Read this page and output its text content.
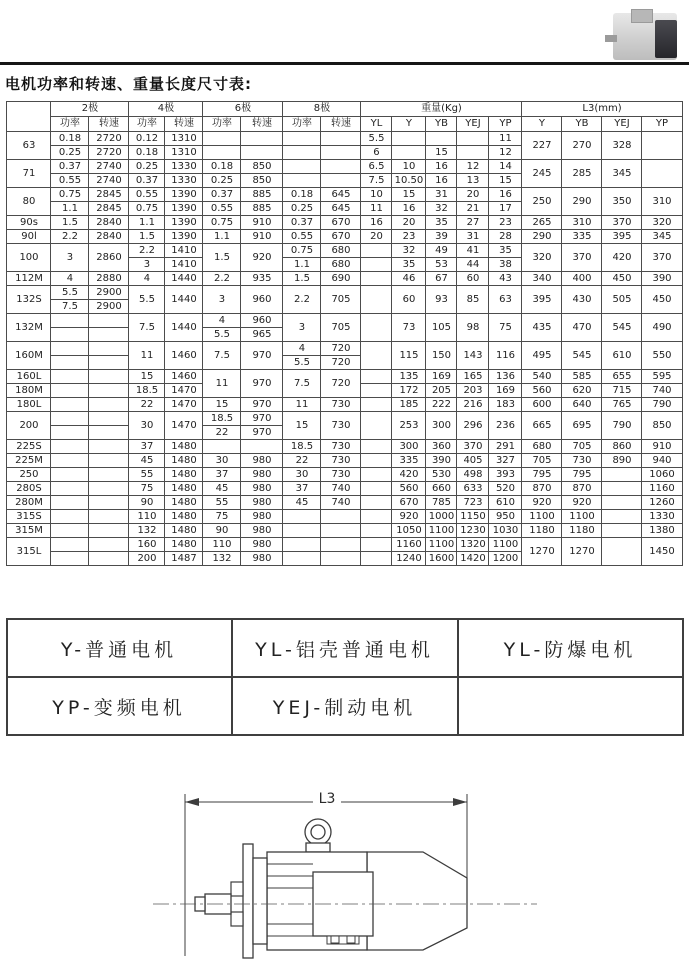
电机功率和转速、重量长度尺寸表:
	2极		4极		6极		8极		重量(Kg)					L3(mm)			
	功率	转速	功率	转速	功率	转速	功率	转速	YL	Y	YB	YEJ	YP	Y	YB	YEJ	YP
63	0.18	2720	0.12	1310					5.5				11	227	270	328	
	0.25	2720	0.18	1310					6		15		12				
71	0.37	2740	0.25	1330	0.18	850			6.5	10	16	12	14	245	285	345	
	0.55	2740	0.37	1330	0.25	850			7.5	10.50	16	13	15				
80	0.75	2845	0.55	1390	0.37	885	0.18	645	10	15	31	20	16	250	290	350	310
	1.1	2845	0.75	1390	0.55	885	0.25	645	11	16	32	21	17				
90s	1.5	2840	1.1	1390	0.75	910	0.37	670	16	20	35	27	23	265	310	370	320
90l	2.2	2840	1.5	1390	1.1	910	0.55	670	20	23	39	31	28	290	335	395	345
100	3	2860	2.2	1410	1.5	920	0.75	680		32	49	41	35	320	370	420	370
			3	1410			1.1	680		35	53	44	38				
112M	4	2880	4	1440	2.2	935	1.5	690		46	67	60	43	340	400	450	390
132S	5.5	2900	5.5	1440	3	960	2.2	705		60	93	85	63	395	430	505	450
	7.5	2900															
132M			7.5	1440	4	960	3	705		73	105	98	75	435	470	545	490
					5.5	965											
160M			11	1460	7.5	970	4	720		115	150	143	116	495	545	610	550
							5.5	720									
160L			15	1460	11	970	7.5	720		135	169	165	136	540	585	655	595
180M			18.5	1470						172	205	203	169	560	620	715	740
180L			22	1470	15	970	11	730		185	222	216	183	600	640	765	790
200			30	1470	18.5	970	15	730		253	300	296	236	665	695	790	850
					22	970											
225S			37	1480			18.5	730		300	360	370	291	680	705	860	910
225M			45	1480	30	980	22	730		335	390	405	327	705	730	890	940
250			55	1480	37	980	30	730		420	530	498	393	795	795		1060
280S			75	1480	45	980	37	740		560	660	633	520	870	870		1160
280M			90	1480	55	980	45	740		670	785	723	610	920	920		1260
315S			110	1480	75	980				920	1000	1150	950	1100	1100		1330
315M			132	1480	90	980				1050	1100	1230	1030	1180	1180		1380
315L			160	1480	110	980				1160	1100	1320	1100	1270	1270		1450
			200	1487	132	980				1240	1600	1420	1200				
Y-普通电机	YL-铝壳普通电机	YL-防爆电机
YP-变频电机	YEJ-制动电机	
L3
